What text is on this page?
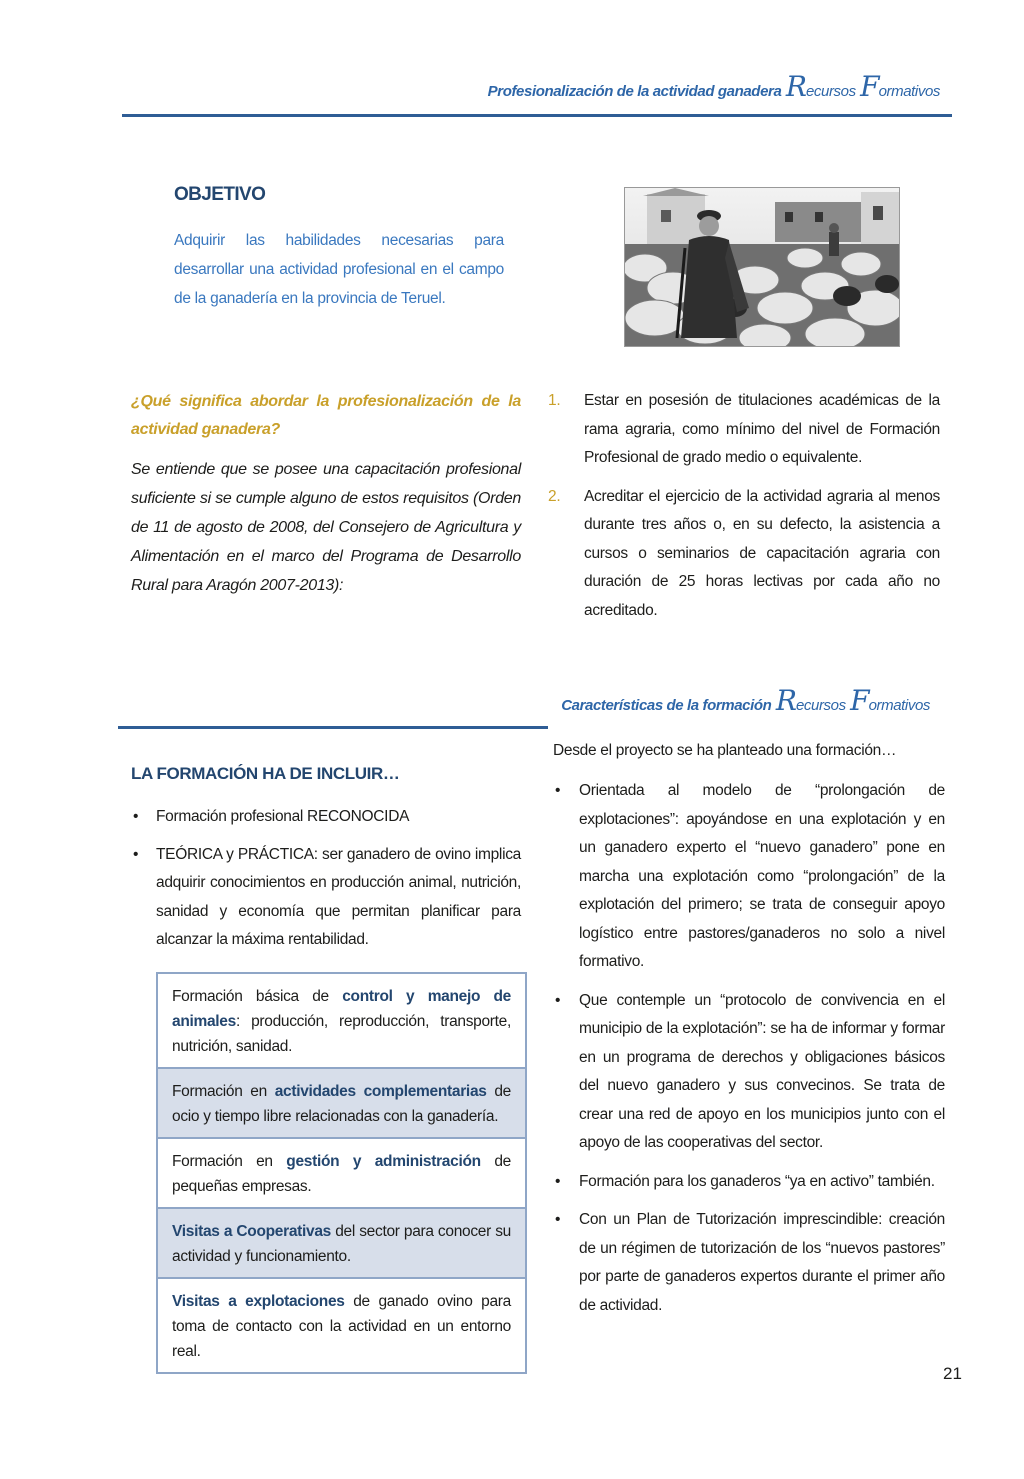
Profesionalización de la actividad ganadera Recursos Formativos
OBJETIVO
Adquirir las habilidades necesarias para desarrollar una actividad profesional en el campo de la ganadería en la provincia de Teruel.
¿Qué significa abordar la profesionalización de la actividad ganadera?
Se entiende que se posee una capacitación profesional suficiente si se cumple alguno de estos requisitos (Orden de 11 de agosto de 2008, del Consejero de Agricultura y Alimentación en el marco del Programa de Desarrollo Rural para Aragón 2007-2013):
1. Estar en posesión de titulaciones académicas de la rama agraria, como mínimo del nivel de Formación Profesional de grado medio o equivalente.
2. Acreditar el ejercicio de la actividad agraria al menos durante tres años o, en su defecto, la asistencia a cursos o seminarios de capacitación agraria con duración de 25 horas lectivas por cada año no acreditado.
Características de la formación Recursos Formativos
LA FORMACIÓN HA DE INCLUIR…
• Formación profesional RECONOCIDA
• TEÓRICA y PRÁCTICA: ser ganadero de ovino implica adquirir conocimientos en producción animal, nutrición, sanidad y economía que permitan planificar para alcanzar la máxima rentabilidad.
Formación básica de control y manejo de animales: producción, reproducción, transporte, nutrición, sanidad.
Formación en actividades complementarias de ocio y tiempo libre relacionadas con la ganadería.
Formación en gestión y administración de pequeñas empresas.
Visitas a Cooperativas del sector para conocer su actividad y funcionamiento.
Visitas a explotaciones de ganado ovino para toma de contacto con la actividad en un entorno real.
Desde el proyecto se ha planteado una formación…
• Orientada al modelo de “prolongación de explotaciones”: apoyándose en una explotación y en un ganadero experto el “nuevo ganadero” pone en marcha una explotación como “prolongación” de la explotación del primero; se trata de conseguir apoyo logístico entre pastores/ganaderos no solo a nivel formativo.
• Que contemple un “protocolo de convivencia en el municipio de la explotación”: se ha de informar y formar en un programa de derechos y obligaciones básicos del nuevo ganadero y sus convecinos. Se trata de crear una red de apoyo en los municipios junto con el apoyo de las cooperativas del sector.
• Formación para los ganaderos “ya en activo” también.
• Con un Plan de Tutorización imprescindible: creación de un régimen de tutorización de los “nuevos pastores” por parte de ganaderos expertos durante el primer año de actividad.
21
